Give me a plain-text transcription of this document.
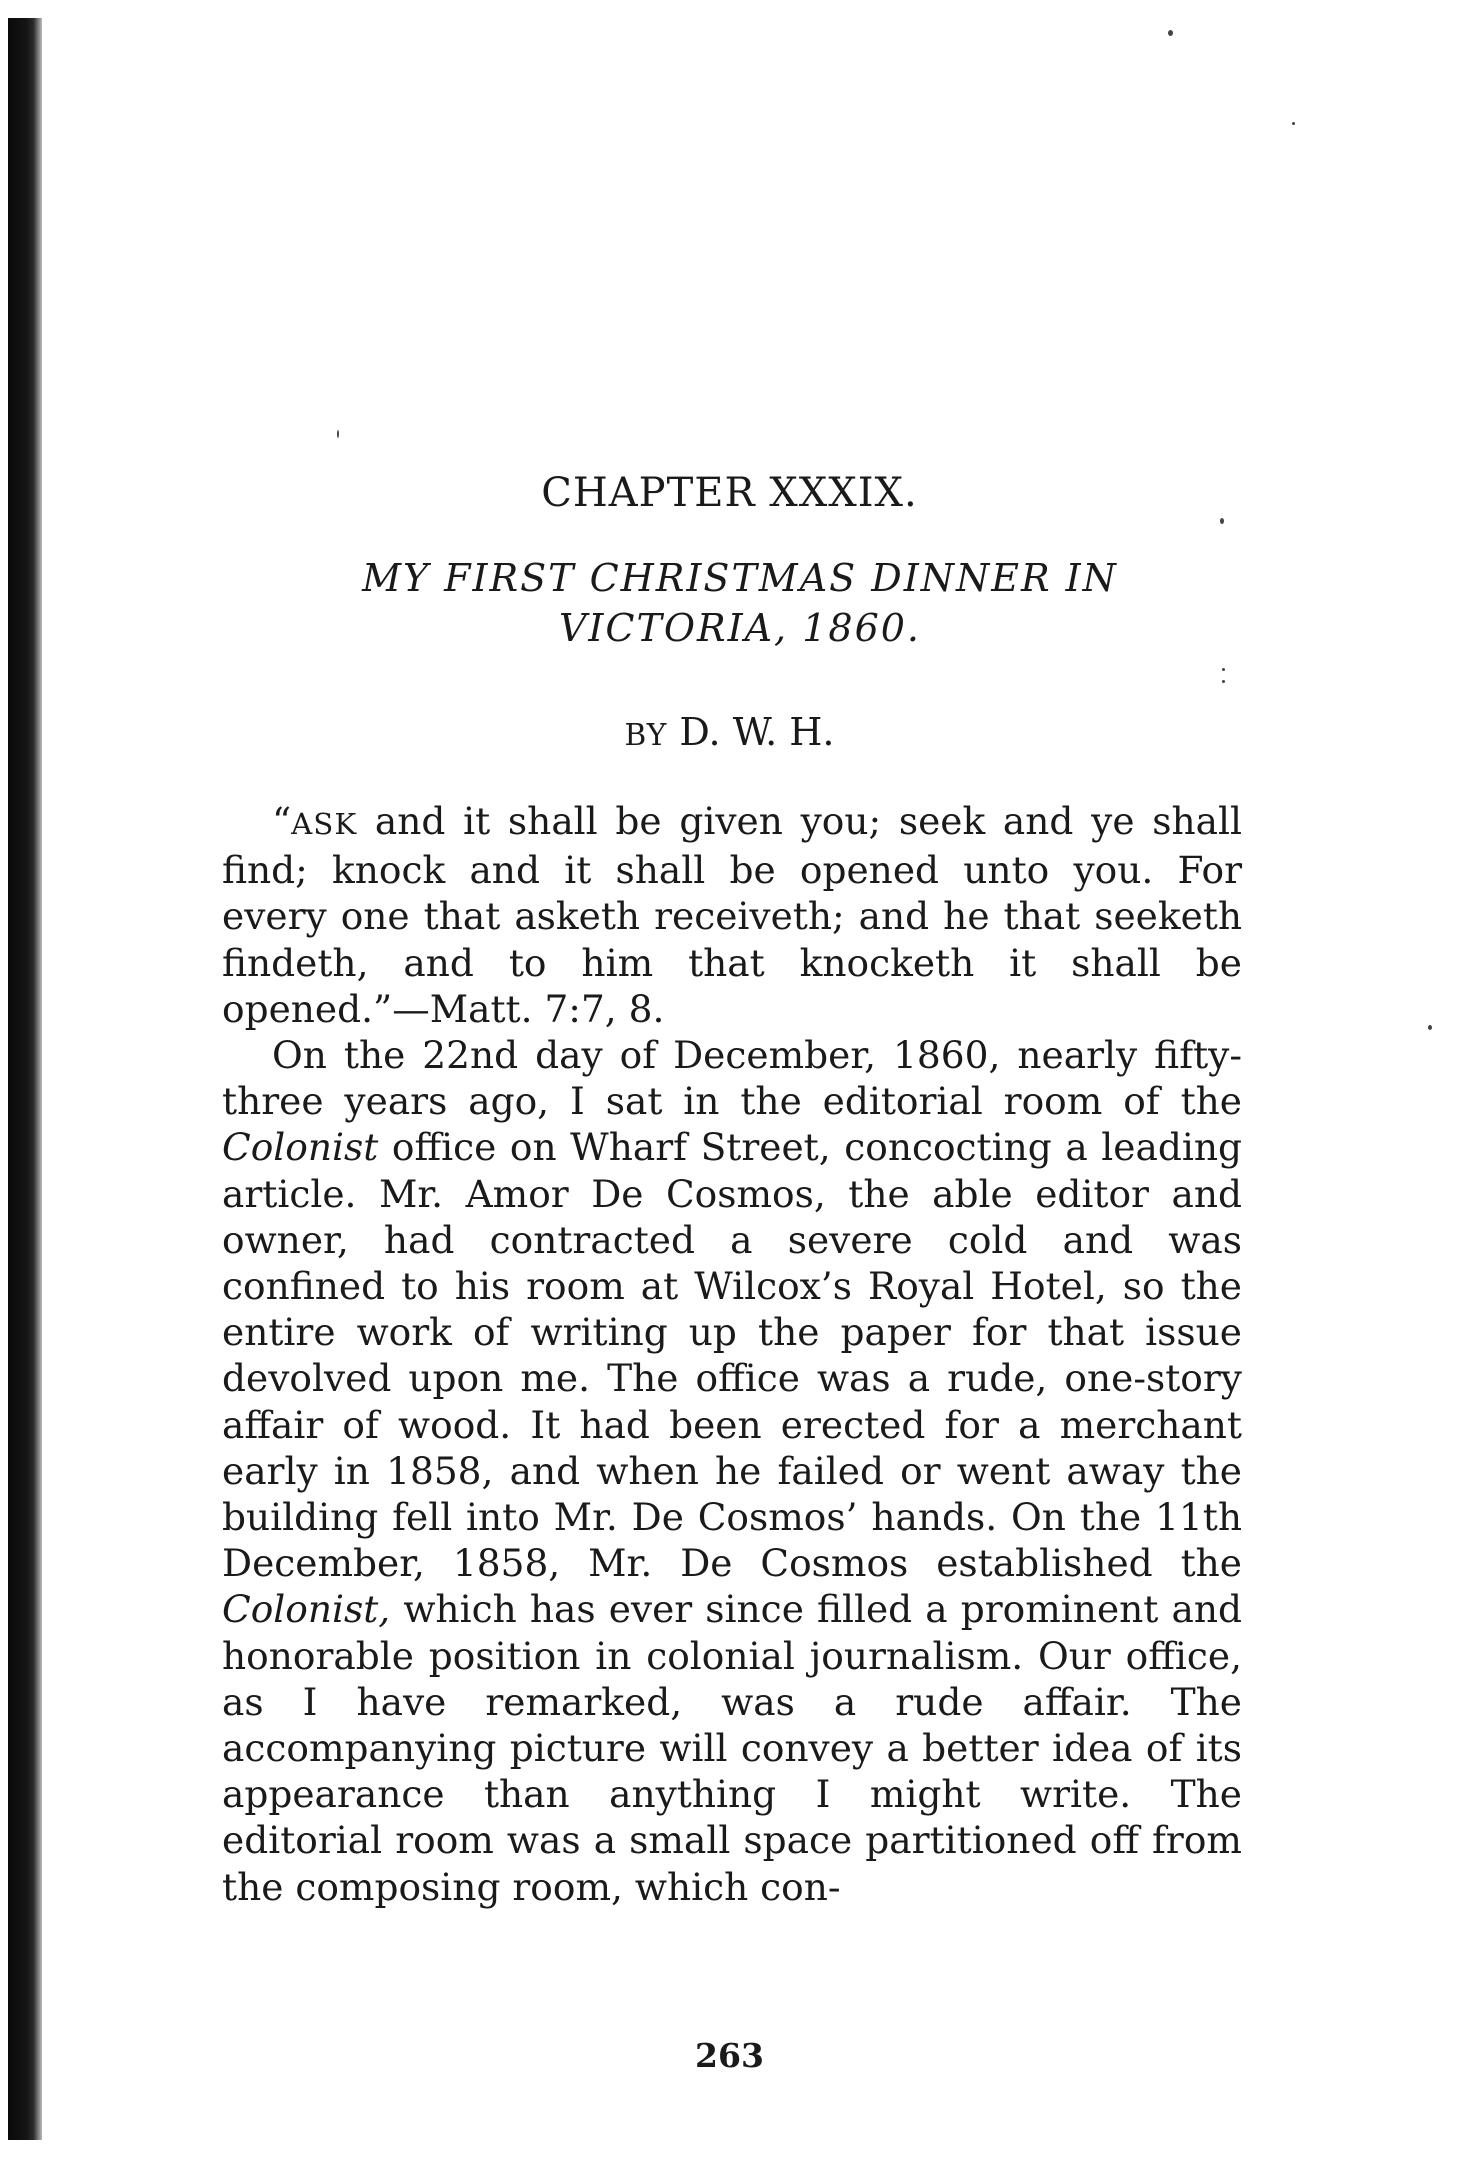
CHAPTER XXXIX.
MY FIRST CHRISTMAS DINNER IN
VICTORIA, 1860.

BY D. W. H.

“ASK and it shall be given you; seek and ye shall find; knock and it shall be opened unto you. For every one that asketh receiveth; and he that seeketh findeth, and to him that knocketh it shall be opened.”—Matt. 7:7, 8.

On the 22nd day of December, 1860, nearly fifty-three years ago, I sat in the editorial room of the Colonist office on Wharf Street, concocting a leading article. Mr. Amor De Cosmos, the able editor and owner, had contracted a severe cold and was confined to his room at Wilcox’s Royal Hotel, so the entire work of writing up the paper for that issue devolved upon me. The office was a rude, one-story affair of wood. It had been erected for a merchant early in 1858, and when he failed or went away the building fell into Mr. De Cosmos’ hands. On the 11th December, 1858, Mr. De Cosmos established the Colonist, which has ever since filled a prominent and honorable position in colonial journalism. Our office, as I have remarked, was a rude affair. The accompanying picture will convey a better idea of its appearance than anything I might write. The editorial room was a small space partitioned off from the composing room, which con-

263
